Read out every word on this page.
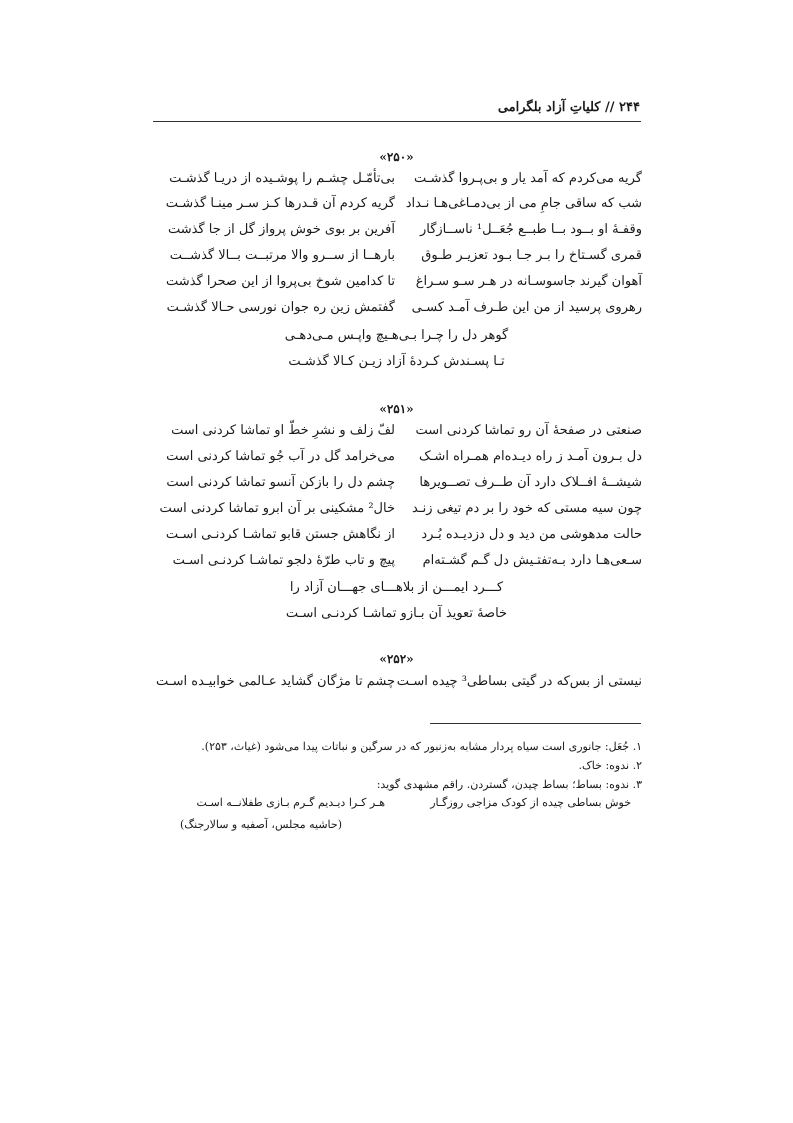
۲۴۴ // کلیاتِ آزاد بلگرامی
«۲۵۰»
گریه می‌کردم که آمد یار و بی‌پـروا گذشـت
بی‌تأمّـل چشـم را پوشـیده از دریـا گذشـت
شب که ساقی جامِ می از بی‌دمـاغی‌هـا نـداد
گریه کردم آن قـدرها کـز سـر مینـا گذشـت
وقفـهٔ او بــود بــا طبــع جُعَــل¹ ناســازگار
آفرین بر بوی خوش پرواز گل از جا گذشت
قمری گسـتاخ را بـر جـا بـود تعزیـر طـوق
بارهــا از ســرو والا مرتبــت بــالا گذشــت
آهوان گیرند جاسوسـانه در هـر سـو سـراغ
تا کدامین شوخ بی‌پروا از این صحرا گذشت
رهروی پرسید از من این طـرف آمـد کسـی
گفتمش زین ره جوان نورسی حـالا گذشـت
گوهر دل را چـرا بـی‌هـیچ واپـس مـی‌دهـی
تـا پسـندش کـردهٔ آزاد زیـن کـالا گذشـت
«۲۵۱»
صنعتی در صفحهٔ آن رو تماشا کردنی است
لفّ زلف و نشرِ خطّ او تماشا کردنی است
دل بـرون آمـد ز راه دیـده‌ام همـراه اشـک
می‌خرامد گل در آب جُو تماشا کردنی است
شیشــهٔ افــلاک دارد آن طــرف تصــویرها
چشم دل را بازکن آنسو تماشا کردنی است
چون سیه مستی که خود را بر دم تیغی زنـد
خال² مشکینی بر آن ابرو تماشا کردنی است
حالت مدهوشی من دید و دل دزدیـده بُـرد
از نگاهش جستن قابو تماشـا کردنـی اسـت
سـعی‌هـا دارد بـه‌تفتـیش دل گـم گشـته‌ام
پیچ و تاب طرّهٔ دلجو تماشـا کردنـی اسـت
کـــرد ایمـــن از بلاهـــای جهـــان آزاد را
خاصهٔ تعویذ آن بـازو تماشـا کردنـی اسـت
«۲۵۲»
نیستی از بس‌که در گیتی بساطی³ چیده اسـت
چشم تا مژگان گشاید عـالمی خوابیـده اسـت
۱. جُعَل: جانوری است سیاه پردار مشابه به‌زنبور که در سرگین و نباتات پیدا می‌شود (غیاث، ۲۵۳).
۲. ندوه: خاک.
۳. ندوه: بساط؛ بساط چیدن، گستردن. راقم مشهدی گوید:
خوش بساطی چیده از کودک مزاجی روزگـار
هـر کـرا دیـدیم گـرم بـازی طفلانــه اسـت
(حاشیه مجلس، آصفیه و سالارجنگ)
